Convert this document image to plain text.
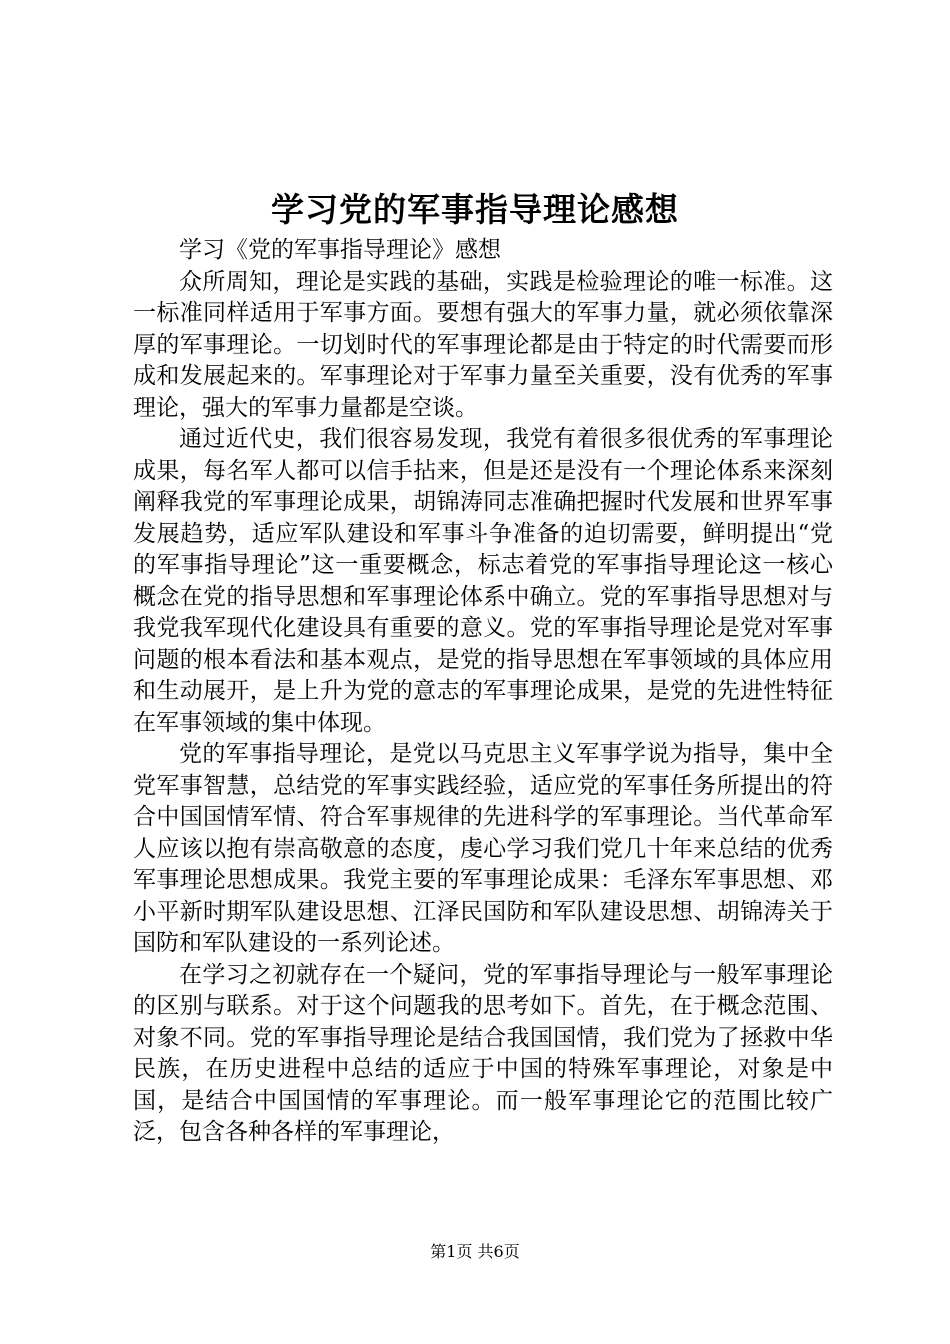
学习党的军事指导理论感想

学习《党的军事指导理论》感想

众所周知，理论是实践的基础，实践是检验理论的唯一标准。这一标准同样适用于军事方面。要想有强大的军事力量，就必须依靠深厚的军事理论。一切划时代的军事理论都是由于特定的时代需要而形成和发展起来的。军事理论对于军事力量至关重要，没有优秀的军事理论，强大的军事力量都是空谈。

通过近代史，我们很容易发现，我党有着很多很优秀的军事理论成果，每名军人都可以信手拈来，但是还是没有一个理论体系来深刻阐释我党的军事理论成果，胡锦涛同志准确把握时代发展和世界军事发展趋势，适应军队建设和军事斗争准备的迫切需要，鲜明提出“党的军事指导理论”这一重要概念，标志着党的军事指导理论这一核心概念在党的指导思想和军事理论体系中确立。党的军事指导思想对与我党我军现代化建设具有重要的意义。党的军事指导理论是党对军事问题的根本看法和基本观点，是党的指导思想在军事领域的具体应用和生动展开，是上升为党的意志的军事理论成果，是党的先进性特征在军事领域的集中体现。

党的军事指导理论，是党以马克思主义军事学说为指导，集中全党军事智慧，总结党的军事实践经验，适应党的军事任务所提出的符合中国国情军情、符合军事规律的先进科学的军事理论。当代革命军人应该以抱有崇高敬意的态度，虔心学习我们党几十年来总结的优秀军事理论思想成果。我党主要的军事理论成果：毛泽东军事思想、邓小平新时期军队建设思想、江泽民国防和军队建设思想、胡锦涛关于国防和军队建设的一系列论述。

在学习之初就存在一个疑问，党的军事指导理论与一般军事理论的区别与联系。对于这个问题我的思考如下。首先，在于概念范围、对象不同。党的军事指导理论是结合我国国情，我们党为了拯救中华民族，在历史进程中总结的适应于中国的特殊军事理论，对象是中国，是结合中国国情的军事理论。而一般军事理论它的范围比较广泛，包含各种各样的军事理论，

第1页 共6页
